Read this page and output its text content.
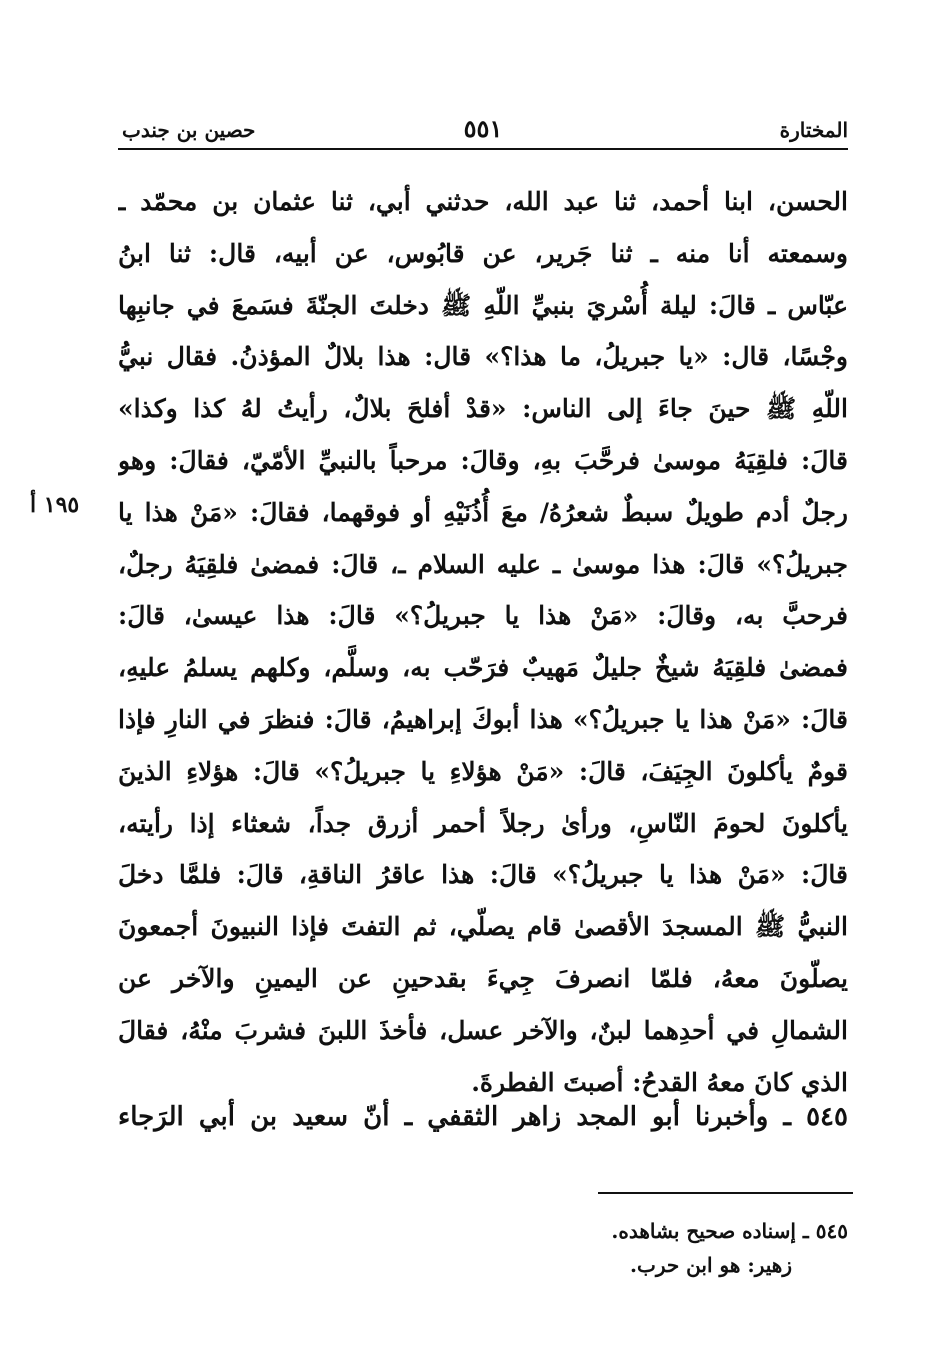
المختارة
٥٥١
حصين بن جندب
١٩٥ أ
الحسن، ابنا أحمد، ثنا عبد الله، حدثني أبي، ثنا عثمان بن محمّد ـ
وسمعته أنا منه ـ ثنا جَرير، عن قابُوس، عن أبيه، قال: ثنا ابنُ
عبّاس ـ قالَ: ليلة أُسْريَ بنبيِّ اللّهِ ﷺ دخلتَ الجنّةَ فسَمعَ في جانبِها
وجْسًا، قال: «يا جبريلُ، ما هذا؟» قال: هذا بلالٌ المؤذنُ. فقال نبيُّ
اللّهِ ﷺ حينَ جاءَ إلى الناس: «قدْ أفلحَ بلالٌ، رأيتُ لهُ كذا وكذا»
قالَ: فلقِيَهُ موسىٰ فرحَّبَ بهِ، وقالَ: مرحباً بالنبيِّ الأمّيّ، فقالَ: وهو
رجلٌ أدم طويلٌ سبطٌ شعرُهُ/ معَ أُذُنَيْهِ أو فوقهما، فقالَ: «مَنْ هذا يا
جبريلُ؟» قالَ: هذا موسىٰ ـ عليه السلام ـ، قالَ: فمضىٰ فلقِيَهُ رجلٌ،
فرحبَّ به، وقالَ: «مَنْ هذا يا جبريلُ؟» قالَ: هذا عيسىٰ، قالَ:
فمضىٰ فلقِيَهُ شيخٌ جليلٌ مَهيبٌ فرَحّب به، وسلَّم، وكلهم يسلمُ عليهِ،
قالَ: «مَنْ هذا يا جبريلُ؟» هذا أبوكَ إبراهيمُ، قالَ: فنظرَ في النارِ فإذا
قومٌ يأكلونَ الجِيَفَ، قالَ: «مَنْ هؤلاءِ يا جبريلُ؟» قالَ: هؤلاءِ الذينَ
يأكلونَ لحومَ النّاسِ، ورأىٰ رجلاً أحمر أزرق جداً، شعثاء إذا رأيته،
قالَ: «مَنْ هذا يا جبريلُ؟» قالَ: هذا عاقرُ الناقةِ، قالَ: فلمَّا دخلَ
النبيُّ ﷺ المسجدَ الأقصىٰ قام يصلّي، ثم التفتَ فإذا النبيونَ أجمعونَ
يصلّونَ معهُ، فلمّا انصرفَ جِيءَ بقدحينِ عن اليمينِ والآخر عن
الشمالِ في أحدِهما لبنٌ، والآخر عسل، فأخذَ اللبنَ فشربَ منْهُ، فقالَ
الذي كانَ معهُ القدحُ: أصبتَ الفطرةَ.
٥٤٥ ـ وأخبرنا أبو المجد زاهر الثقفي ـ أنّ سعيد بن أبي الرَجاء
٥٤٥ ـ إسناده صحيح بشاهده.
زهير: هو ابن حرب.
